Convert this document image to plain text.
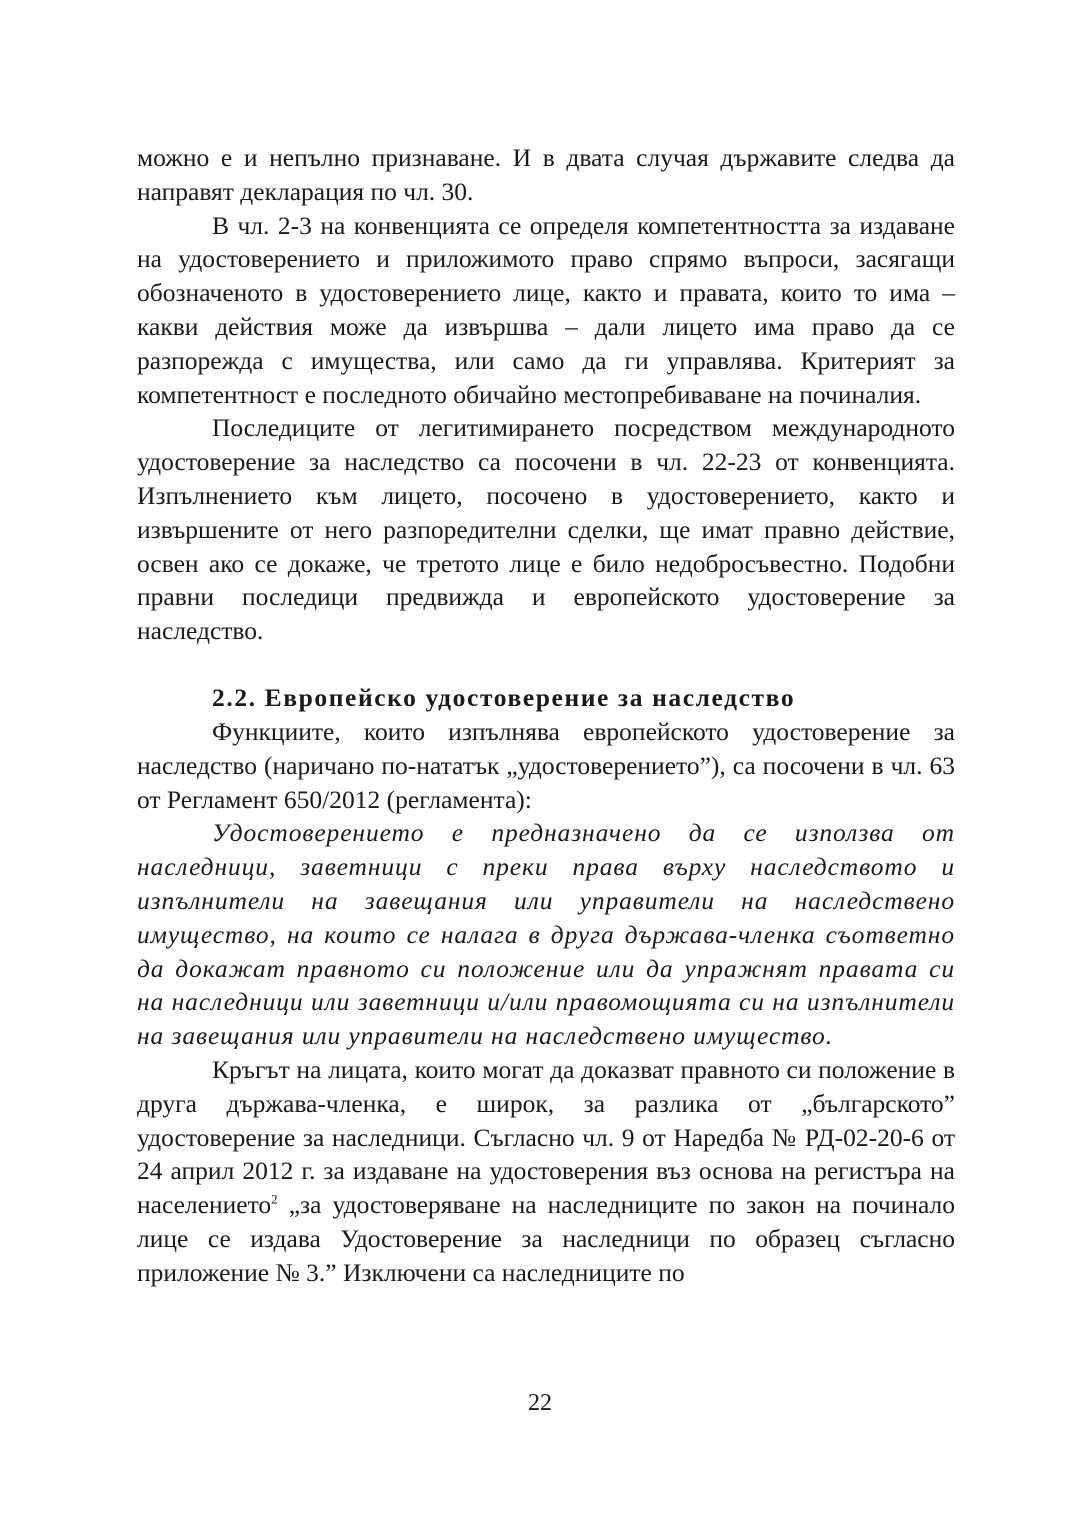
можно е и непълно признаване. И в двата случая държавите следва да направят декларация по чл. 30.

В чл. 2-3 на конвенцията се определя компетентността за издаване на удостоверението и приложимото право спрямо въпроси, засягащи обозначеното в удостоверението лице, както и правата, които то има – какви действия може да извършва – дали лицето има право да се разпорежда с имущества, или само да ги управлява. Критерият за компетентност е последното обичайно местопребиваване на починалия.

Последиците от легитимирането посредством международното удостоверение за наследство са посочени в чл. 22-23 от конвенцията. Изпълнението към лицето, посочено в удостоверението, както и извършените от него разпоредителни сделки, ще имат правно действие, освен ако се докаже, че третото лице е било недобросъвестно. Подобни правни последици предвижда и европейското удостоверение за наследство.

2.2. Европейско удостоверение за наследство

Функциите, които изпълнява европейското удостоверение за наследство (наричано по-нататък „удостоверението”), са посочени в чл. 63 от Регламент 650/2012 (регламента):

Удостоверението е предназначено да се използва от наследници, заветници с преки права върху наследството и изпълнители на завещания или управители на наследствено имущество, на които се налага в друга държава-членка съответно да докажат правното си положение или да упражнят правата си на наследници или заветници и/или правомощията си на изпълнители на завещания или управители на наследствено имущество.

Кръгът на лицата, които могат да доказват правното си положение в друга държава-членка, е широк, за разлика от „българското” удостоверение за наследници. Съгласно чл. 9 от Наредба № РД-02-20-6 от 24 април 2012 г. за издаване на удостоверения въз основа на регистъра на населението$^2$ „за удостоверяване на наследниците по закон на починало лице се издава Удостоверение за наследници по образец съгласно приложение № 3.” Изключени са наследниците по

22
